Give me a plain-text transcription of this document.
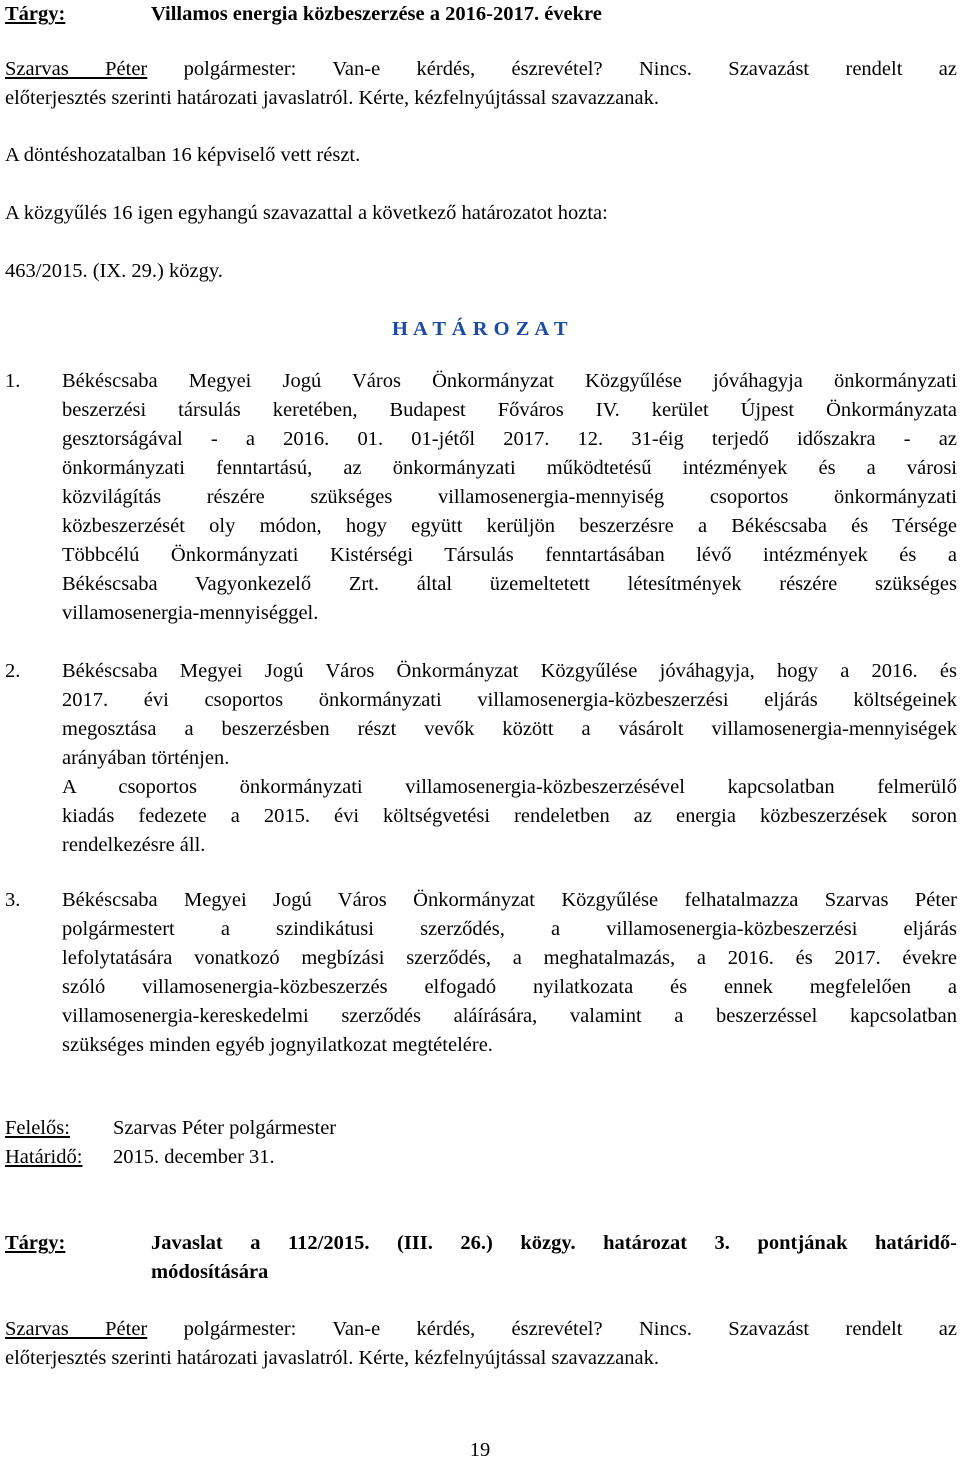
Tárgy:	Villamos energia közbeszerzése a 2016-2017. évekre
Szarvas Péter polgármester: Van-e kérdés, észrevétel? Nincs. Szavazást rendelt az
előterjesztés szerinti határozati javaslatról. Kérte, kézfelnyújtással szavazzanak.
A döntéshozatalban 16 képviselő vett részt.
A közgyűlés 16 igen egyhangú szavazattal a következő határozatot hozta:
463/2015. (IX. 29.) közgy.
H A T Á R O Z A T
1. Békéscsaba Megyei Jogú Város Önkormányzat Közgyűlése jóváhagyja önkormányzati
beszerzési társulás keretében, Budapest Főváros IV. kerület Újpest Önkormányzata
gesztorságával - a 2016. 01. 01-jétől 2017. 12. 31-éig terjedő időszakra - az
önkormányzati fenntartású, az önkormányzati működtetésű intézmények és a városi
közvilágítás részére szükséges villamosenergia-mennyiség csoportos önkormányzati
közbeszerzését oly módon, hogy együtt kerüljön beszerzésre a Békéscsaba és Térsége
Többcélú Önkormányzati Kistérségi Társulás fenntartásában lévő intézmények és a
Békéscsaba Vagyonkezelő Zrt. által üzemeltetett létesítmények részére szükséges
villamosenergia-mennyiséggel.
2. Békéscsaba Megyei Jogú Város Önkormányzat Közgyűlése jóváhagyja, hogy a 2016. és
2017. évi csoportos önkormányzati villamosenergia-közbeszerzési eljárás költségeinek
megosztása a beszerzésben részt vevők között a vásárolt villamosenergia-mennyiségek
arányában történjen.
A csoportos önkormányzati villamosenergia-közbeszerzésével kapcsolatban felmerülő
kiadás fedezete a 2015. évi költségvetési rendeletben az energia közbeszerzések soron
rendelkezésre áll.
3. Békéscsaba Megyei Jogú Város Önkormányzat Közgyűlése felhatalmazza Szarvas Péter
polgármestert a szindikátusi szerződés, a villamosenergia-közbeszerzési eljárás
lefolytatására vonatkozó megbízási szerződés, a meghatalmazás, a 2016. és 2017. évekre
szóló villamosenergia-közbeszerzés elfogadó nyilatkozata és ennek megfelelően a
villamosenergia-kereskedelmi szerződés aláírására, valamint a beszerzéssel kapcsolatban
szükséges minden egyéb jognyilatkozat megtételére.
Felelős: Szarvas Péter polgármester
Határidő: 2015. december 31.
Tárgy:	Javaslat a 112/2015. (III. 26.) közgy. határozat 3. pontjának határidő-
módosítására
Szarvas Péter polgármester: Van-e kérdés, észrevétel? Nincs. Szavazást rendelt az
előterjesztés szerinti határozati javaslatról. Kérte, kézfelnyújtással szavazzanak.
19
